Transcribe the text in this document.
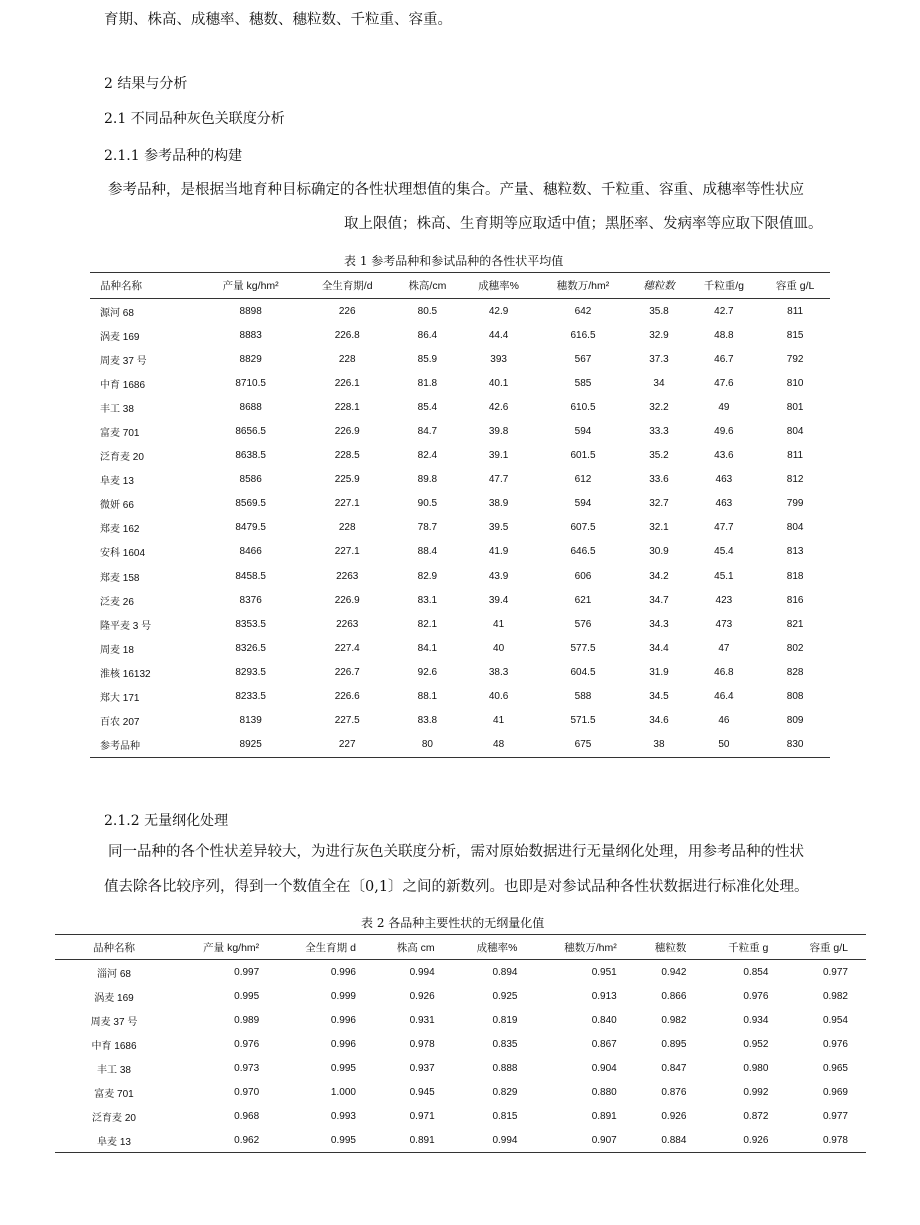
育期、株高、成穗率、穗数、穗粒数、千粒重、容重。
2 结果与分析
2.1 不同品种灰色关联度分析
2.1.1 参考品种的构建
参考品种，是根据当地育种目标确定的各性状理想值的集合。产量、穗粒数、千粒重、容重、成穗率等性状应
取上限值；株高、生育期等应取适中值；黑胚率、发病率等应取下限值皿。
表 1 参考品种和参试品种的各性状平均值
品种名称	产量 kg/hm²	全生育期/d	株高/cm	成穗率%	穗数万/hm²	穗粒数	千粒重/g	容重 g/L
源河 68	8898	226	80.5	42.9	642	35.8	42.7	811
涡麦 169	8883	226.8	86.4	44.4	616.5	32.9	48.8	815
周麦 37 号	8829	228	85.9	393	567	37.3	46.7	792
中育 1686	8710.5	226.1	81.8	40.1	585	34	47.6	810
丰工 38	8688	228.1	85.4	42.6	610.5	32.2	49	801
富麦 701	8656.5	226.9	84.7	39.8	594	33.3	49.6	804
泛育麦 20	8638.5	228.5	82.4	39.1	601.5	35.2	43.6	811
阜麦 13	8586	225.9	89.8	47.7	612	33.6	463	812
微妍 66	8569.5	227.1	90.5	38.9	594	32.7	463	799
郑麦 162	8479.5	228	78.7	39.5	607.5	32.1	47.7	804
安科 1604	8466	227.1	88.4	41.9	646.5	30.9	45.4	813
郑麦 158	8458.5	2263	82.9	43.9	606	34.2	45.1	818
泛麦 26	8376	226.9	83.1	39.4	621	34.7	423	816
隆平麦 3 号	8353.5	2263	82.1	41	576	34.3	473	821
周麦 18	8326.5	227.4	84.1	40	577.5	34.4	47	802
淮核 16132	8293.5	226.7	92.6	38.3	604.5	31.9	46.8	828
郑大 171	8233.5	226.6	88.1	40.6	588	34.5	46.4	808
百农 207	8139	227.5	83.8	41	571.5	34.6	46	809
参考品种	8925	227	80	48	675	38	50	830
2.1.2 无量纲化处理
同一品种的各个性状差异较大，为进行灰色关联度分析，需对原始数据进行无量纲化处理，用参考品种的性状
值去除各比较序列，得到一个数值全在〔0,1〕之间的新数列。也即是对参试品种各性状数据进行标准化处理。
表 2 各品种主要性状的无纲量化值
品种名称	产量 kg/hm²	全生育期 d	株高 cm	成穗率%	穗数万/hm²	穗粒数	千粒重 g	容重 g/L
淄河 68	0.997	0.996	0.994	0.894	0.951	0.942	0.854	0.977
涡麦 169	0.995	0.999	0.926	0.925	0.913	0.866	0.976	0.982
周麦 37 号	0.989	0.996	0.931	0.819	0.840	0.982	0.934	0.954
中育 1686	0.976	0.996	0.978	0.835	0.867	0.895	0.952	0.976
丰工 38	0.973	0.995	0.937	0.888	0.904	0.847	0.980	0.965
富麦 701	0.970	1.000	0.945	0.829	0.880	0.876	0.992	0.969
泛育麦 20	0.968	0.993	0.971	0.815	0.891	0.926	0.872	0.977
阜麦 13	0.962	0.995	0.891	0.994	0.907	0.884	0.926	0.978
